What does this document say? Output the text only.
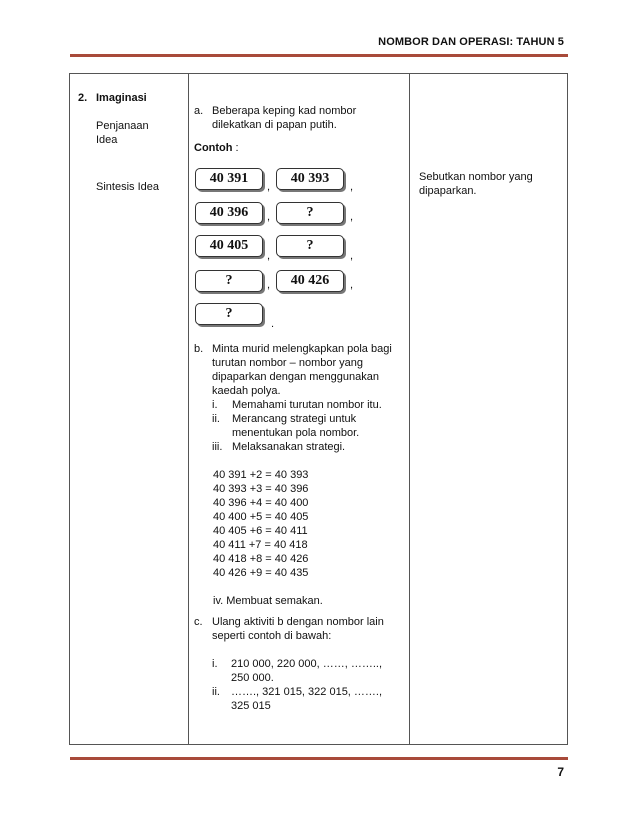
NOMBOR DAN OPERASI: TAHUN 5
2. Imaginasi
Penjanaan
Idea
Sintesis Idea
a. Beberapa keping kad nombor
dilekatkan di papan putih.
Contoh :
40 391
,
40 393
,
40 396	,	?	,
40 405
,
?
,
?	,	40 426	,
?
.
b. Minta murid melengkapkan pola bagi
turutan nombor – nombor yang
dipaparkan dengan menggunakan
kaedah polya.
i. Memahami turutan nombor itu.
ii. Merancang strategi untuk
menentukan pola nombor.
iii. Melaksanakan strategi.
40 391 +2 = 40 393
40 393 +3 = 40 396
40 396 +4 = 40 400
40 400 +5 = 40 405
40 405 +6 = 40 411
40 411 +7 = 40 418
40 418 +8 = 40 426
40 426 +9 = 40 435
iv. Membuat semakan.
c. Ulang aktiviti b dengan nombor lain
seperti contoh di bawah:
i. 210 000, 220 000, ……, ……..,
250 000.
ii. ……., 321 015, 322 015, …….,
325 015
Sebutkan nombor yang
dipaparkan.
7
